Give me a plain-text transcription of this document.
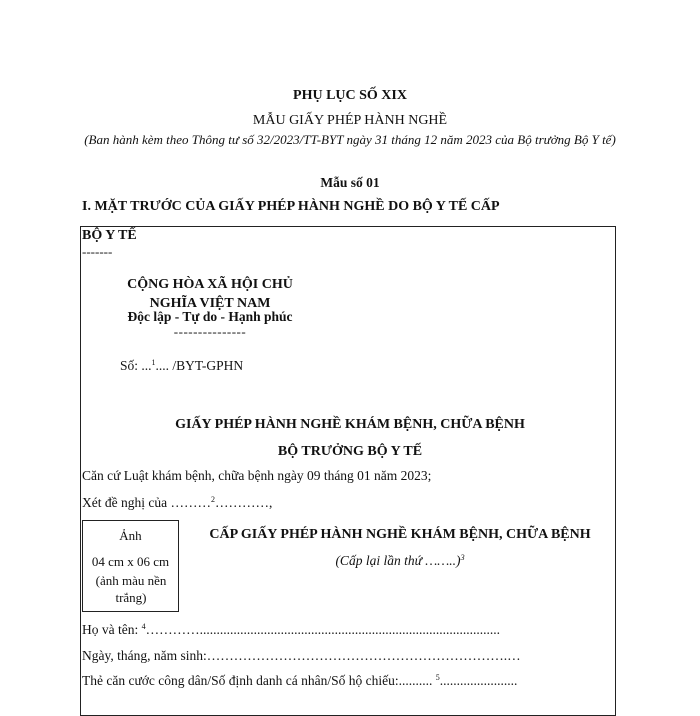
PHỤ LỤC SỐ XIX
MẪU GIẤY PHÉP HÀNH NGHỀ
(Ban hành kèm theo Thông tư số 32/2023/TT-BYT ngày 31 tháng 12 năm 2023 của Bộ trưởng Bộ Y tế)
Mẫu số 01
I. MẶT TRƯỚC CỦA GIẤY PHÉP HÀNH NGHỀ DO BỘ Y TẾ CẤP
BỘ Y TẾ
-------
CỘNG HÒA XÃ HỘI CHỦ
NGHĨA VIỆT NAM
Độc lập - Tự do - Hạnh phúc
---------------
Số: ...$^1$.... /BYT-GPHN
GIẤY PHÉP HÀNH NGHỀ KHÁM BỆNH, CHỮA BỆNH
BỘ TRƯỞNG BỘ Y TẾ
Căn cứ Luật khám bệnh, chữa bệnh ngày 09 tháng 01 năm 2023;
Xét đề nghị của ………$^2$…………,
Ảnh
04 cm x 06 cm
(ảnh màu nền trắng)
CẤP GIẤY PHÉP HÀNH NGHỀ KHÁM BỆNH, CHỮA BỆNH
(Cấp lại lần thứ ……..)$^3$
Họ và tên: $^4$………….........................................................................................
Ngày, tháng, năm sinh:………………………………………………………….…
Thẻ căn cước công dân/Số định danh cá nhân/Số hộ chiếu:.......... $^5$.......................
